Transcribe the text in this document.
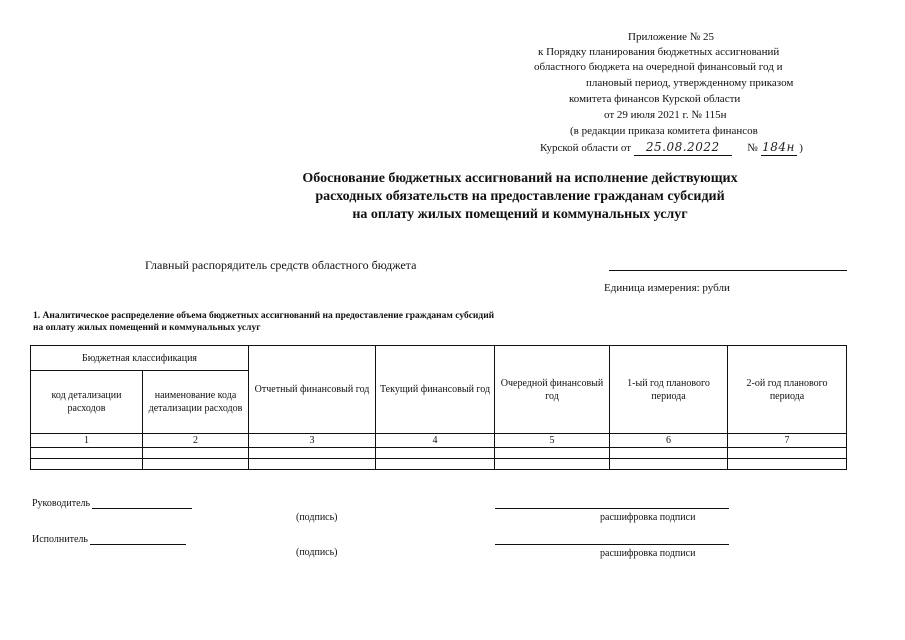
Приложение № 25
к Порядку планирования бюджетных ассигнований
областного бюджета на очередной финансовый год и
плановый период, утвержденному приказом
комитета финансов Курской области
от 29 июля 2021 г. № 115н
(в редакции приказа комитета финансов
Курской области от 25.08.2022	№ 184н )
Обоснование бюджетных ассигнований на исполнение действующих
расходных обязательств на предоставление гражданам субсидий
на оплату жилых помещений и коммунальных услуг
Главный распорядитель средств областного бюджета
Единица измерения: рубли
1. Аналитическое распределение объема бюджетных ассигнований на предоставление гражданам субсидий
на оплату жилых помещений и коммунальных услуг
Бюджетная классификация		Отчетный финансовый год	Текущий финансовый год	Очередной финансовый год	1-ый год планового периода	2-ой год планового периода
код детализации расходов	наименование кода детализации расходов					
1	2	3	4	5	6	7

Руководитель
(подпись)	расшифровка подписи
Исполнитель
(подпись)	расшифровка подписи
